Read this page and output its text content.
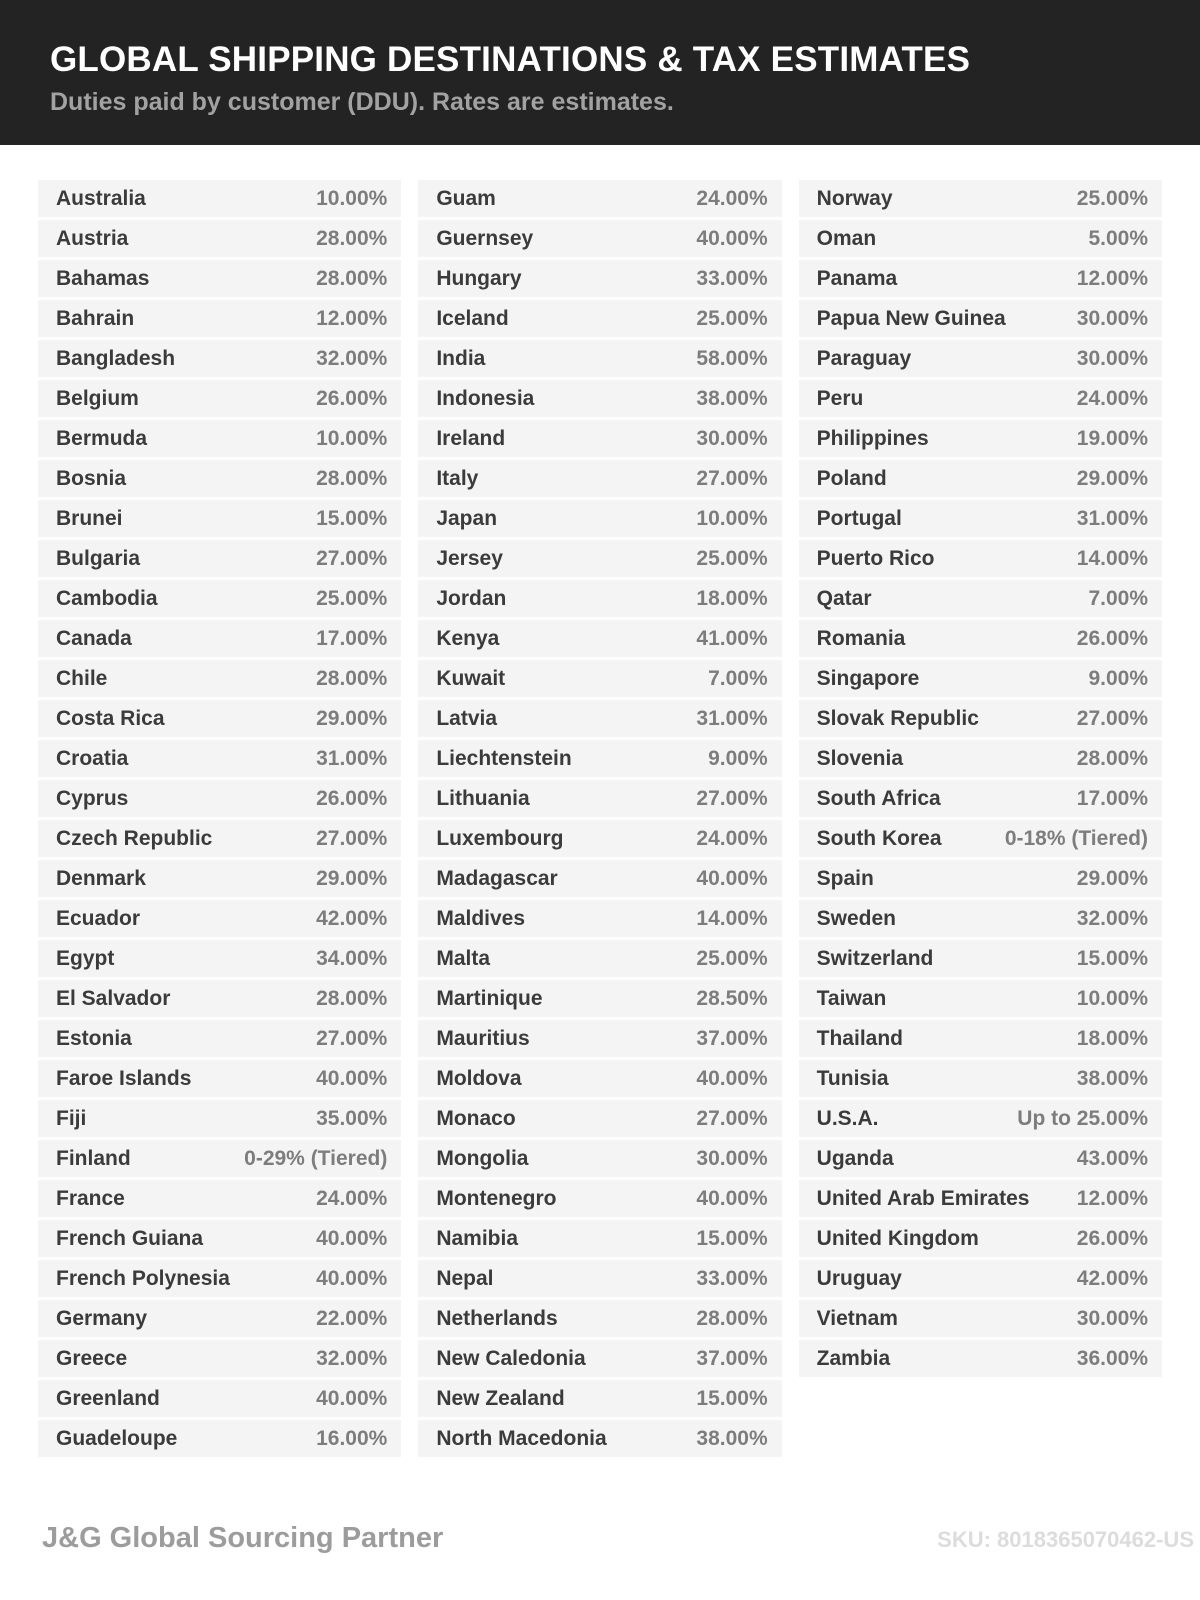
GLOBAL SHIPPING DESTINATIONS & TAX ESTIMATES

Duties paid by customer (DDU). Rates are estimates.

Australia	10.00%
Austria	28.00%
Bahamas	28.00%
Bahrain	12.00%
Bangladesh	32.00%
Belgium	26.00%
Bermuda	10.00%
Bosnia	28.00%
Brunei	15.00%
Bulgaria	27.00%
Cambodia	25.00%
Canada	17.00%
Chile	28.00%
Costa Rica	29.00%
Croatia	31.00%
Cyprus	26.00%
Czech Republic	27.00%
Denmark	29.00%
Ecuador	42.00%
Egypt	34.00%
El Salvador	28.00%
Estonia	27.00%
Faroe Islands	40.00%
Fiji	35.00%
Finland	0-29% (Tiered)
France	24.00%
French Guiana	40.00%
French Polynesia	40.00%
Germany	22.00%
Greece	32.00%
Greenland	40.00%
Guadeloupe	16.00%
Guam	24.00%
Guernsey	40.00%
Hungary	33.00%
Iceland	25.00%
India	58.00%
Indonesia	38.00%
Ireland	30.00%
Italy	27.00%
Japan	10.00%
Jersey	25.00%
Jordan	18.00%
Kenya	41.00%
Kuwait	7.00%
Latvia	31.00%
Liechtenstein	9.00%
Lithuania	27.00%
Luxembourg	24.00%
Madagascar	40.00%
Maldives	14.00%
Malta	25.00%
Martinique	28.50%
Mauritius	37.00%
Moldova	40.00%
Monaco	27.00%
Mongolia	30.00%
Montenegro	40.00%
Namibia	15.00%
Nepal	33.00%
Netherlands	28.00%
New Caledonia	37.00%
New Zealand	15.00%
North Macedonia	38.00%
Norway	25.00%
Oman	5.00%
Panama	12.00%
Papua New Guinea	30.00%
Paraguay	30.00%
Peru	24.00%
Philippines	19.00%
Poland	29.00%
Portugal	31.00%
Puerto Rico	14.00%
Qatar	7.00%
Romania	26.00%
Singapore	9.00%
Slovak Republic	27.00%
Slovenia	28.00%
South Africa	17.00%
South Korea	0-18% (Tiered)
Spain	29.00%
Sweden	32.00%
Switzerland	15.00%
Taiwan	10.00%
Thailand	18.00%
Tunisia	38.00%
U.S.A.	Up to 25.00%
Uganda	43.00%
United Arab Emirates 12.00%
United Kingdom	26.00%
Uruguay	42.00%
Vietnam	30.00%
Zambia	36.00%
J&G Global Sourcing Partner	SKU: 8018365070462-US
